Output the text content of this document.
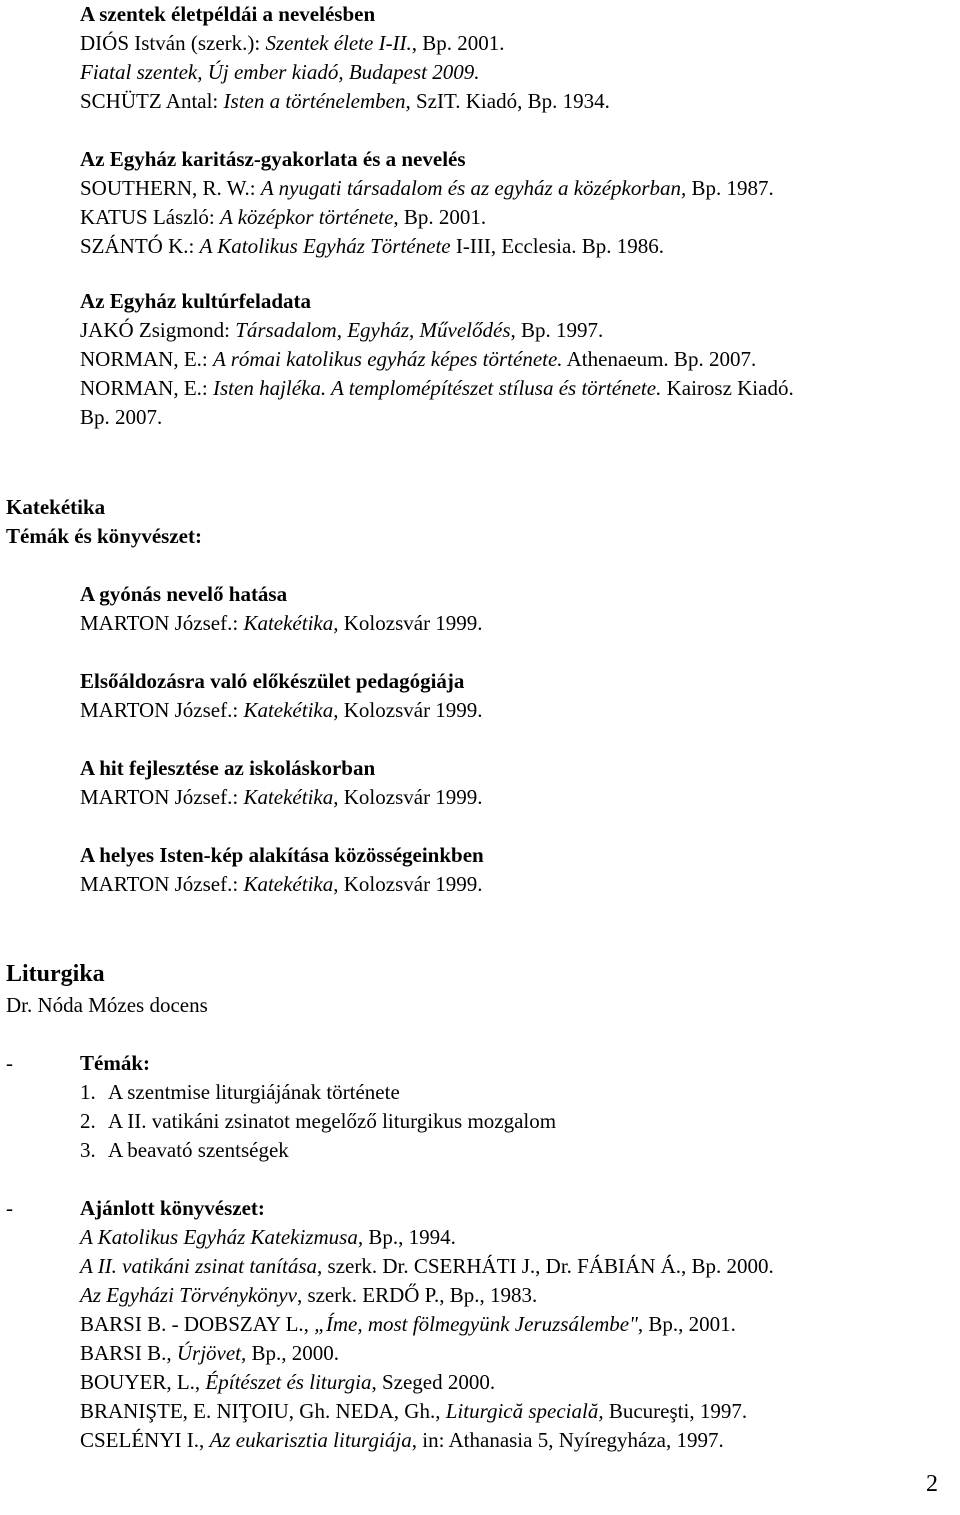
A szentek életpéldái a nevelésben
DIÓS István (szerk.): Szentek élete I-II., Bp. 2001.
Fiatal szentek, Új ember kiadó, Budapest 2009.
SCHÜTZ Antal: Isten a történelemben, SzIT. Kiadó, Bp. 1934.
Az Egyház karitász-gyakorlata és a nevelés
SOUTHERN, R. W.: A nyugati társadalom és az egyház a középkorban, Bp. 1987.
KATUS László: A középkor története, Bp. 2001.
SZÁNTÓ K.: A Katolikus Egyház Története I-III, Ecclesia. Bp. 1986.
Az Egyház kultúrfeladata
JAKÓ Zsigmond: Társadalom, Egyház, Művelődés, Bp. 1997.
NORMAN, E.: A római katolikus egyház képes története. Athenaeum. Bp. 2007.
NORMAN, E.: Isten hajléka. A templomépítészet stílusa és története. Kairosz Kiadó.
Bp. 2007.
Katekétika
Témák és könyvészet:
A gyónás nevelő hatása
MARTON József.: Katekétika, Kolozsvár 1999.
Elsőáldozásra való előkészület pedagógiája
MARTON József.: Katekétika, Kolozsvár 1999.
A hit fejlesztése az iskoláskorban
MARTON József.: Katekétika, Kolozsvár 1999.
A helyes Isten-kép alakítása közösségeinkben
MARTON József.: Katekétika, Kolozsvár 1999.
Liturgika
Dr. Nóda Mózes docens
-	Témák:
1. A szentmise liturgiájának története
2. A II. vatikáni zsinatot megelőző liturgikus mozgalom
3. A beavató szentségek
-	Ajánlott könyvészet:
A Katolikus Egyház Katekizmusa, Bp., 1994.
A II. vatikáni zsinat tanítása, szerk. Dr. CSERHÁTI J., Dr. FÁBIÁN Á., Bp. 2000.
Az Egyházi Törvénykönyv, szerk. ERDŐ P., Bp., 1983.
BARSI B. - DOBSZAY L., „Íme, most fölmegyünk Jeruzsálembe", Bp., 2001.
BARSI B., Úrjövet, Bp., 2000.
BOUYER, L., Építészet és liturgia, Szeged 2000.
BRANIŞTE, E. NIŢOIU, Gh. NEDA, Gh., Liturgică specială, Bucureşti, 1997.
CSELÉNYI I., Az eukarisztia liturgiája, in: Athanasia 5, Nyíregyháza, 1997.
2
